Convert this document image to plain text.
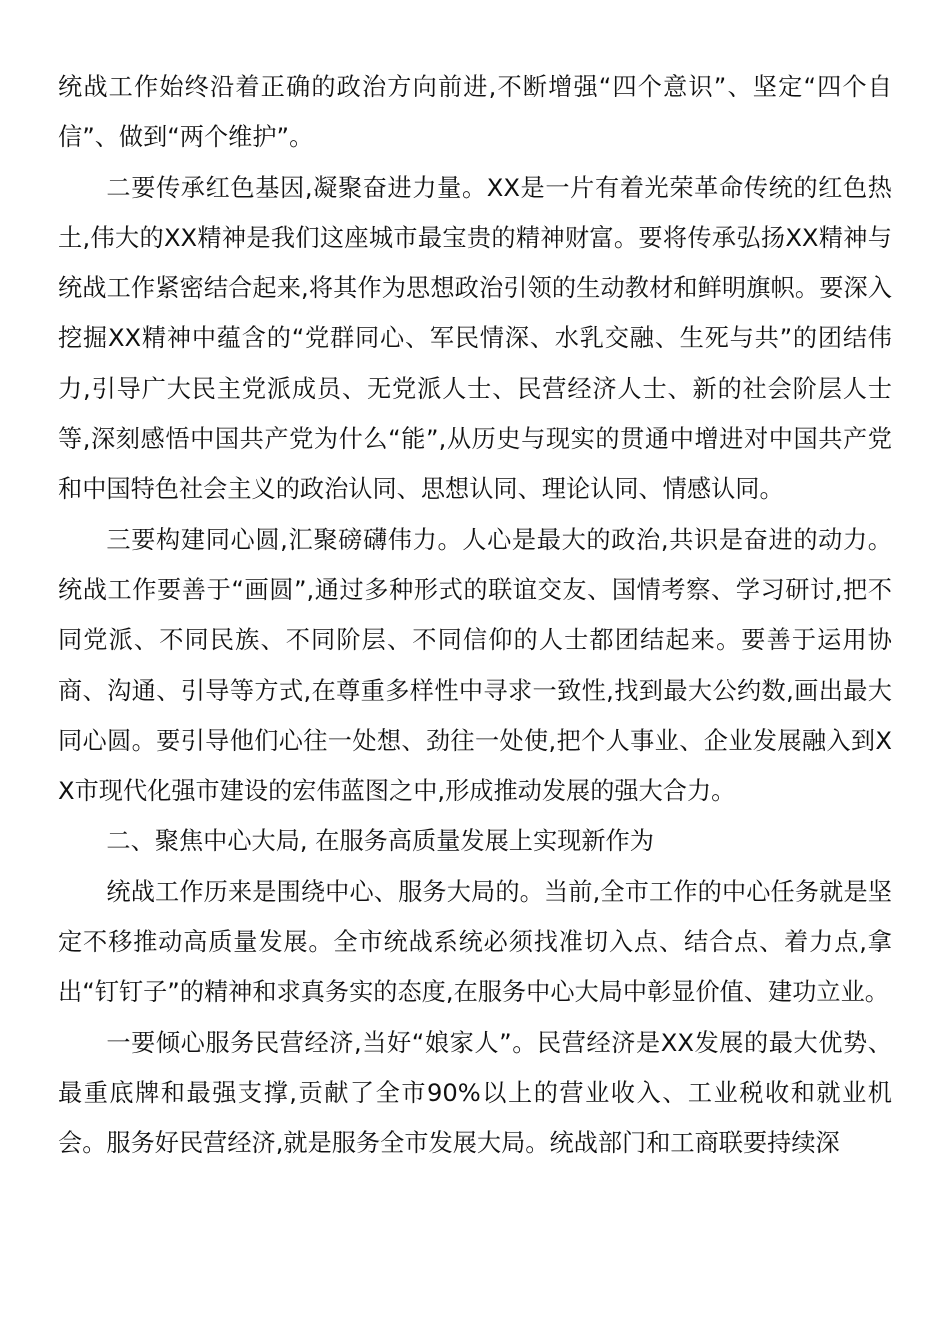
统战工作始终沿着正确的政治方向前进,不断增强“四个意识”、坚定“四个自信”、做到“两个维护”。

二要传承红色基因,凝聚奋进力量。XX是一片有着光荣革命传统的红色热土,伟大的XX精神是我们这座城市最宝贵的精神财富。要将传承弘扬XX精神与统战工作紧密结合起来,将其作为思想政治引领的生动教材和鲜明旗帜。要深入挖掘XX精神中蕴含的“党群同心、军民情深、水乳交融、生死与共”的团结伟力,引导广大民主党派成员、无党派人士、民营经济人士、新的社会阶层人士等,深刻感悟中国共产党为什么“能”,从历史与现实的贯通中增进对中国共产党和中国特色社会主义的政治认同、思想认同、理论认同、情感认同。

三要构建同心圆,汇聚磅礴伟力。人心是最大的政治,共识是奋进的动力。统战工作要善于“画圆”,通过多种形式的联谊交友、国情考察、学习研讨,把不同党派、不同民族、不同阶层、不同信仰的人士都团结起来。要善于运用协商、沟通、引导等方式,在尊重多样性中寻求一致性,找到最大公约数,画出最大同心圆。要引导他们心往一处想、劲往一处使,把个人事业、企业发展融入到XX市现代化强市建设的宏伟蓝图之中,形成推动发展的强大合力。

二、聚焦中心大局, 在服务高质量发展上实现新作为

统战工作历来是围绕中心、服务大局的。当前,全市工作的中心任务就是坚定不移推动高质量发展。全市统战系统必须找准切入点、结合点、着力点,拿出“钉钉子”的精神和求真务实的态度,在服务中心大局中彰显价值、建功立业。

一要倾心服务民营经济,当好“娘家人”。民营经济是XX发展的最大优势、最重底牌和最强支撑,贡献了全市90%以上的营业收入、工业税收和就业机会。服务好民营经济,就是服务全市发展大局。统战部门和工商联要持续深
